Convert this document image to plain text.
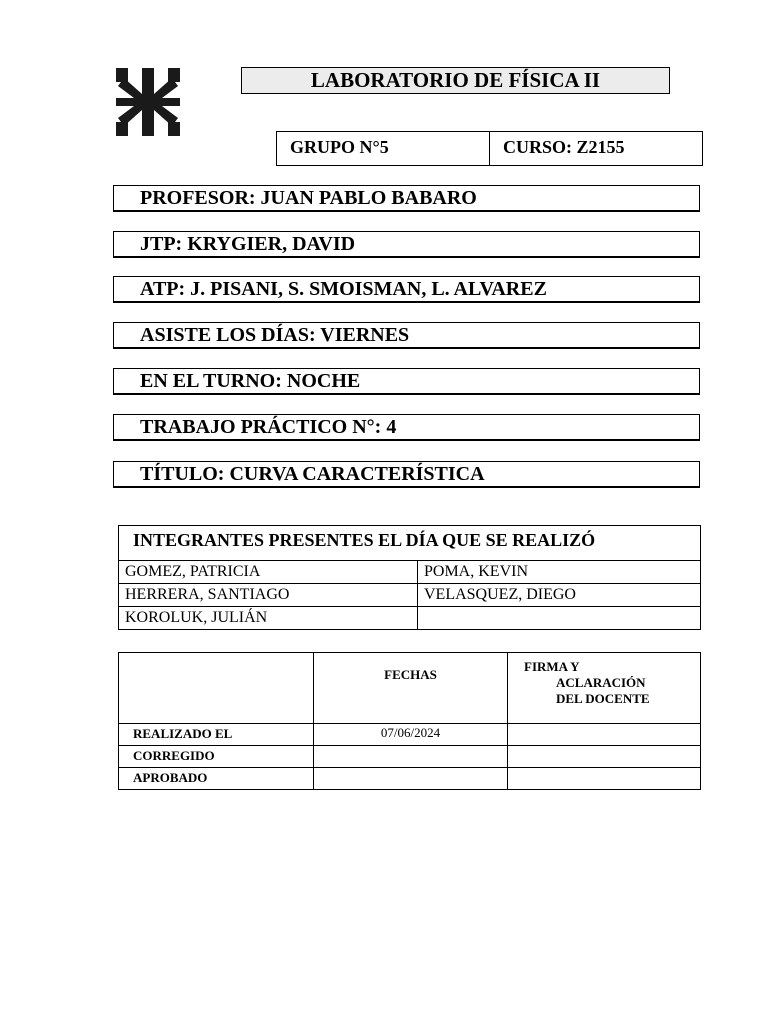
LABORATORIO DE FÍSICA II
GRUPO N°5	CURSO: Z2155
PROFESOR: JUAN PABLO BABARO
JTP: KRYGIER, DAVID
ATP: J. PISANI, S. SMOISMAN, L. ALVAREZ
ASISTE LOS DÍAS: VIERNES
EN EL TURNO: NOCHE
TRABAJO PRÁCTICO N°: 4
TÍTULO: CURVA CARACTERÍSTICA
INTEGRANTES PRESENTES EL DÍA QUE SE REALIZÓ	
GOMEZ, PATRICIA	POMA, KEVIN
HERRERA, SANTIAGO	VELASQUEZ, DIEGO
KOROLUK, JULIÁN	
	FECHAS	FIRMA Y
ACLARACIÓN
DEL DOCENTE

REALIZADO EL	07/06/2024	
CORREGIDO		
APROBADO		
